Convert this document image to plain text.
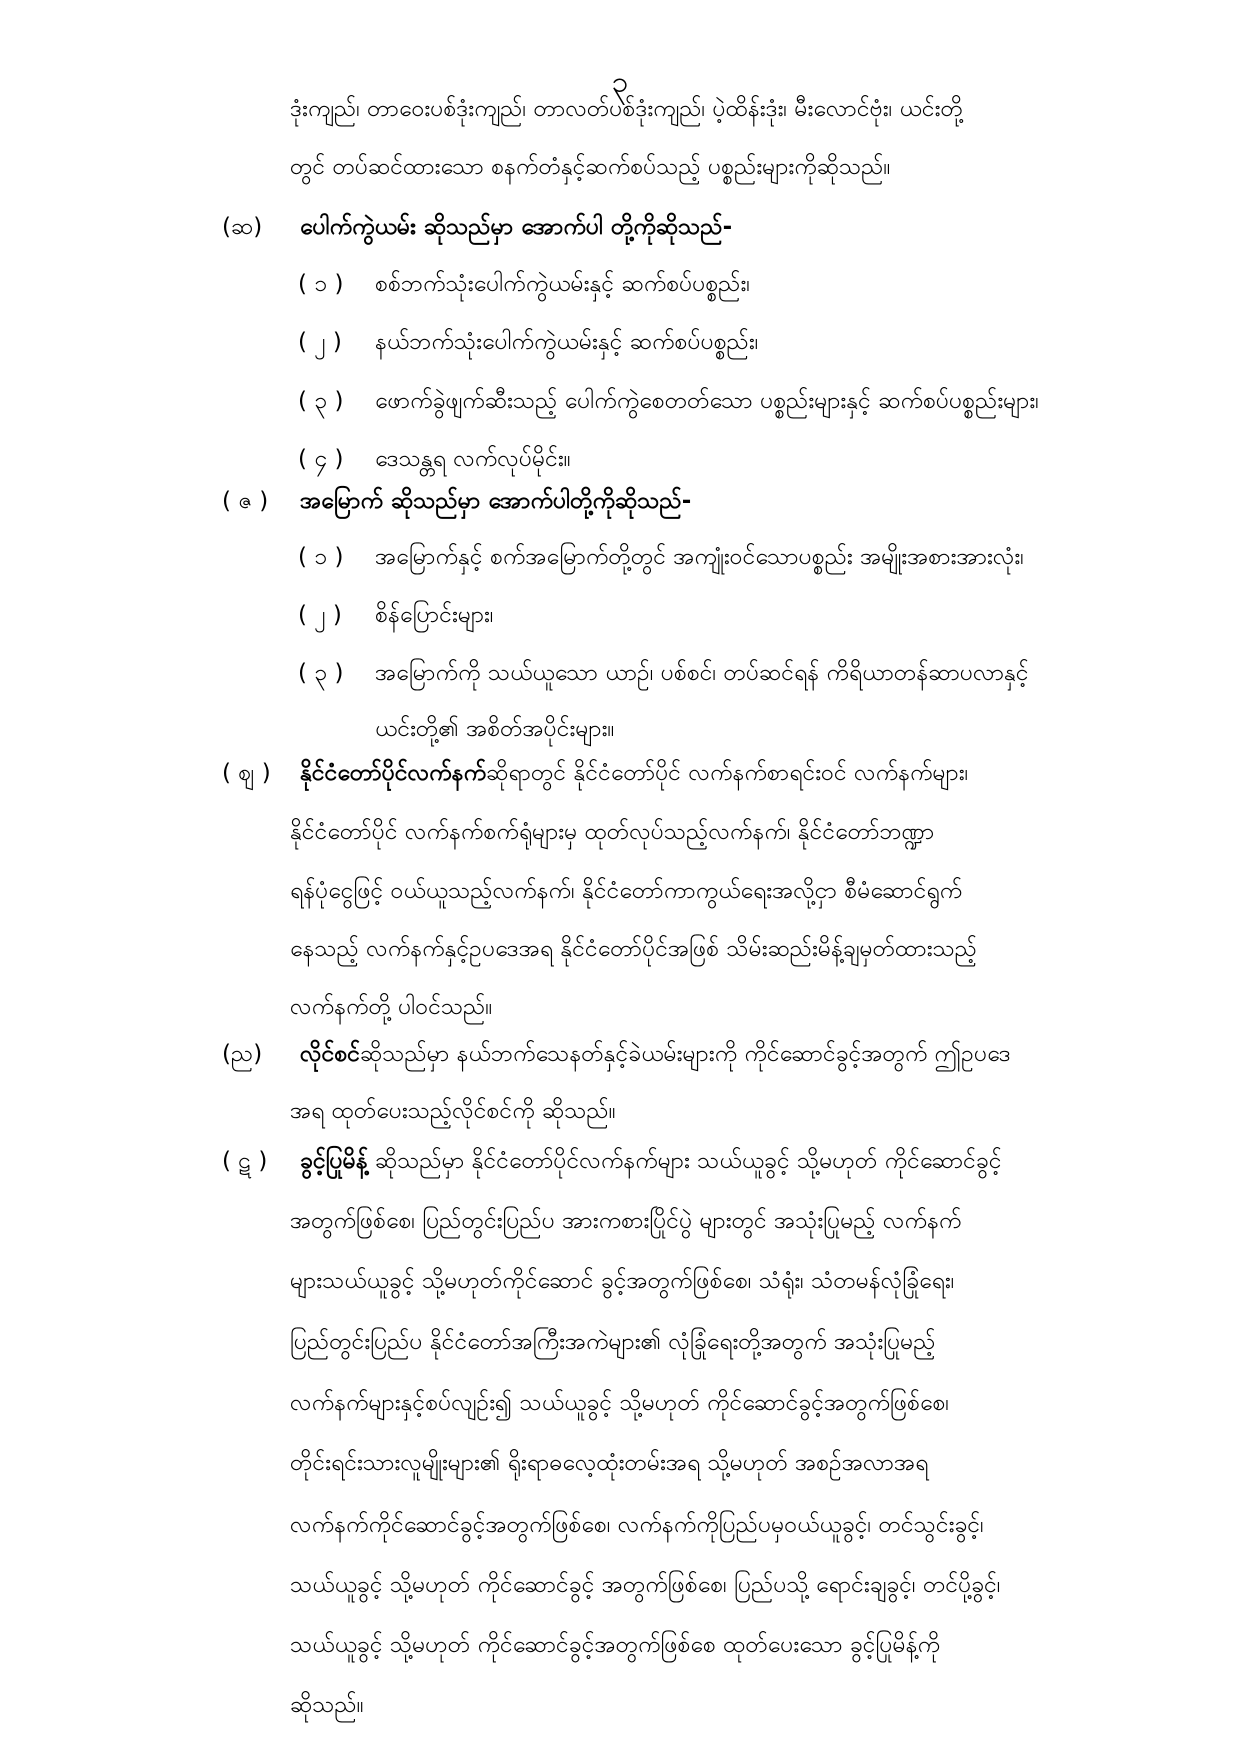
၃
ဒုံးကျည်၊ တာဝေးပစ်ဒုံးကျည်၊ တာလတ်ပစ်ဒုံးကျည်၊ ပဲ့ထိန်းဒုံး၊ မီးလောင်ဗုံး၊ ယင်းတို့
တွင် တပ်ဆင်ထားသော စနက်တံနှင့်ဆက်စပ်သည့် ပစ္စည်းများကိုဆိုသည်။
(ဆ) ပေါက်ကွဲယမ်း ဆိုသည်မှာ အောက်ပါ တို့ကိုဆိုသည်-
( ၁ ) စစ်ဘက်သုံးပေါက်ကွဲယမ်းနှင့် ဆက်စပ်ပစ္စည်း၊
( ၂ ) နယ်ဘက်သုံးပေါက်ကွဲယမ်းနှင့် ဆက်စပ်ပစ္စည်း၊
( ၃ ) ဖောက်ခွဲဖျက်ဆီးသည့် ပေါက်ကွဲစေတတ်သော ပစ္စည်းများနှင့် ဆက်စပ်ပစ္စည်းများ၊
( ၄ ) ဒေသန္တရ လက်လုပ်မိုင်း။
( ဇ ) အမြောက် ဆိုသည်မှာ အောက်ပါတို့ကိုဆိုသည်-
( ၁ ) အမြောက်နှင့် စက်အမြောက်တို့တွင် အကျုံးဝင်သောပစ္စည်း အမျိုးအစားအားလုံး၊
( ၂ ) စိန်ပြောင်းများ၊
( ၃ ) အမြောက်ကို သယ်ယူသော ယာဉ်၊ ပစ်စင်၊ တပ်ဆင်ရန် ကိရိယာတန်ဆာပလာနှင့်
ယင်းတို့၏ အစိတ်အပိုင်းများ။
( ဈ ) နိုင်ငံတော်ပိုင်လက်နက်ဆိုရာတွင် နိုင်ငံတော်ပိုင် လက်နက်စာရင်းဝင် လက်နက်များ၊
နိုင်ငံတော်ပိုင် လက်နက်စက်ရုံများမှ ထုတ်လုပ်သည့်လက်နက်၊ နိုင်ငံတော်ဘဏ္ဍာ
ရန်ပုံငွေဖြင့် ဝယ်ယူသည့်လက်နက်၊ နိုင်ငံတော်ကာကွယ်ရေးအလို့ငှာ စီမံဆောင်ရွက်
နေသည့် လက်နက်နှင့်ဥပဒေအရ နိုင်ငံတော်ပိုင်အဖြစ် သိမ်းဆည်းမိန့်ချမှတ်ထားသည့်
လက်နက်တို့ ပါဝင်သည်။
(ည) လိုင်စင်ဆိုသည်မှာ နယ်ဘက်သေနတ်နှင့်ခဲယမ်းများကို ကိုင်ဆောင်ခွင့်အတွက် ဤဥပဒေ
အရ ထုတ်ပေးသည့်လိုင်စင်ကို ဆိုသည်။
( ဋ ) ခွင့်ပြုမိန့် ဆိုသည်မှာ နိုင်ငံတော်ပိုင်လက်နက်များ သယ်ယူခွင့် သို့မဟုတ် ကိုင်ဆောင်ခွင့်
အတွက်ဖြစ်စေ၊ ပြည်တွင်းပြည်ပ အားကစားပြိုင်ပွဲ များတွင် အသုံးပြုမည့် လက်နက်
များသယ်ယူခွင့် သို့မဟုတ်ကိုင်ဆောင် ခွင့်အတွက်ဖြစ်စေ၊ သံရုံး၊ သံတမန်လုံခြုံရေး၊
ပြည်တွင်းပြည်ပ နိုင်ငံတော်အကြီးအကဲများ၏ လုံခြုံရေးတို့အတွက် အသုံးပြုမည့်
လက်နက်များနှင့်စပ်လျဉ်း၍ သယ်ယူခွင့် သို့မဟုတ် ကိုင်ဆောင်ခွင့်အတွက်ဖြစ်စေ၊
တိုင်းရင်းသားလူမျိုးများ၏ ရိုးရာဓလေ့ထုံးတမ်းအရ သို့မဟုတ် အစဉ်အလာအရ
လက်နက်ကိုင်ဆောင်ခွင့်အတွက်ဖြစ်စေ၊ လက်နက်ကိုပြည်ပမှဝယ်ယူခွင့်၊ တင်သွင်းခွင့်၊
သယ်ယူခွင့် သို့မဟုတ် ကိုင်ဆောင်ခွင့် အတွက်ဖြစ်စေ၊ ပြည်ပသို့ ရောင်းချခွင့်၊ တင်ပို့ခွင့်၊
သယ်ယူခွင့် သို့မဟုတ် ကိုင်ဆောင်ခွင့်အတွက်ဖြစ်စေ ထုတ်ပေးသော ခွင့်ပြုမိန့်ကို
ဆိုသည်။
